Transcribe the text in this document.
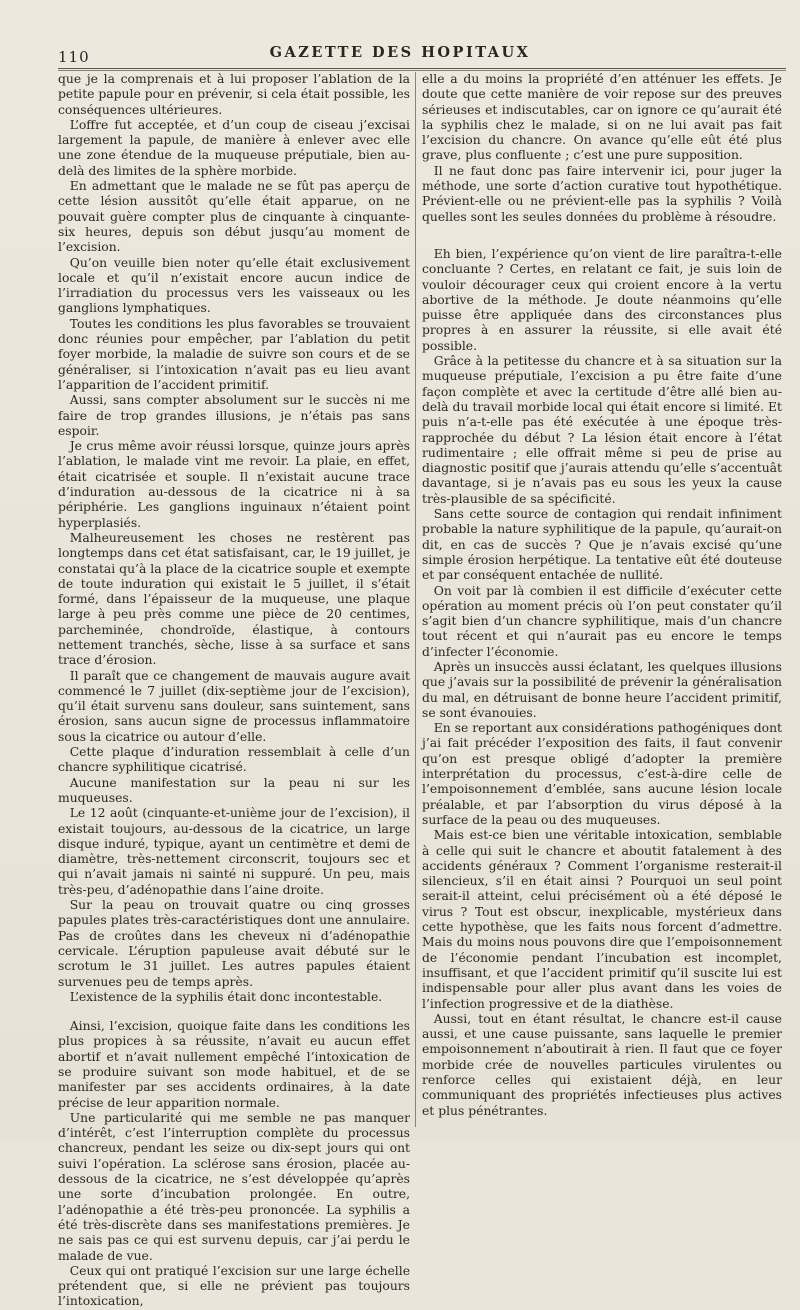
110	GAZETTE DES HOPITAUX

que je la comprenais et à lui proposer l’ablation de la petite papule pour en prévenir, si cela était possible, les conséquences ultérieures.

L’offre fut acceptée, et d’un coup de ciseau j’excisai largement la papule, de manière à enlever avec elle une zone étendue de la muqueuse préputiale, bien au-delà des limites de la sphère morbide.

En admettant que le malade ne se fût pas aperçu de cette lésion aussitôt qu’elle était apparue, on ne pouvait guère compter plus de cinquante à cinquante-six heures, depuis son début jusqu’au moment de l’excision.

Qu’on veuille bien noter qu’elle était exclusivement locale et qu’il n’existait encore aucun indice de l’irradiation du processus vers les vaisseaux ou les ganglions lymphatiques.

Toutes les conditions les plus favorables se trouvaient donc réunies pour empêcher, par l’ablation du petit foyer morbide, la maladie de suivre son cours et de se généraliser, si l’intoxication n’avait pas eu lieu avant l’apparition de l’accident primitif.

Aussi, sans compter absolument sur le succès ni me faire de trop grandes illusions, je n’étais pas sans espoir.

Je crus même avoir réussi lorsque, quinze jours après l’ablation, le malade vint me revoir. La plaie, en effet, était cicatrisée et souple. Il n’existait aucune trace d’induration au-dessous de la cicatrice ni à sa périphérie. Les ganglions inguinaux n’étaient point hyperplasiés.

Malheureusement les choses ne restèrent pas longtemps dans cet état satisfaisant, car, le 19 juillet, je constatai qu’à la place de la cicatrice souple et exempte de toute induration qui existait le 5 juillet, il s’était formé, dans l’épaisseur de la muqueuse, une plaque large à peu près comme une pièce de 20 centimes, parcheminée, chondroïde, élastique, à contours nettement tranchés, sèche, lisse à sa surface et sans trace d’érosion.

Il paraît que ce changement de mauvais augure avait commencé le 7 juillet (dix-septième jour de l’excision), qu’il était survenu sans douleur, sans suintement, sans érosion, sans aucun signe de processus inflammatoire sous la cicatrice ou autour d’elle.

Cette plaque d’induration ressemblait à celle d’un chancre syphilitique cicatrisé.

Aucune manifestation sur la peau ni sur les muqueuses.

Le 12 août (cinquante-et-unième jour de l’excision), il existait toujours, au-dessous de la cicatrice, un large disque induré, typique, ayant un centimètre et demi de diamètre, très-nettement circonscrit, toujours sec et qui n’avait jamais ni sainté ni suppuré. Un peu, mais très-peu, d’adénopathie dans l’aine droite.

Sur la peau on trouvait quatre ou cinq grosses papules plates très-caractéristiques dont une annulaire. Pas de croûtes dans les cheveux ni d’adénopathie cervicale. L’éruption papuleuse avait débuté sur le scrotum le 31 juillet. Les autres papules étaient survenues peu de temps après.

L’existence de la syphilis était donc incontestable.

Ainsi, l’excision, quoique faite dans les conditions les plus propices à sa réussite, n’avait eu aucun effet abortif et n’avait nullement empêché l’intoxication de se produire suivant son mode habituel, et de se manifester par ses accidents ordinaires, à la date précise de leur apparition normale.

Une particularité qui me semble ne pas manquer d’intérêt, c’est l’interruption complète du processus chancreux, pendant les seize ou dix-sept jours qui ont suivi l’opération. La sclérose sans érosion, placée au-dessous de la cicatrice, ne s’est développée qu’après une sorte d’incubation prolongée. En outre, l’adénopathie a été très-peu prononcée. La syphilis a été très-discrète dans ses manifestations premières. Je ne sais pas ce qui est survenu depuis, car j’ai perdu le malade de vue.

Ceux qui ont pratiqué l’excision sur une large échelle prétendent que, si elle ne prévient pas toujours l’intoxication,

elle a du moins la propriété d’en atténuer les effets. Je doute que cette manière de voir repose sur des preuves sérieuses et indiscutables, car on ignore ce qu’aurait été la syphilis chez le malade, si on ne lui avait pas fait l’excision du chancre. On avance qu’elle eût été plus grave, plus confluente ; c’est une pure supposition.

Il ne faut donc pas faire intervenir ici, pour juger la méthode, une sorte d’action curative tout hypothétique. Prévient-elle ou ne prévient-elle pas la syphilis ? Voilà quelles sont les seules données du problème à résoudre.

Eh bien, l’expérience qu’on vient de lire paraîtra-t-elle concluante ? Certes, en relatant ce fait, je suis loin de vouloir décourager ceux qui croient encore à la vertu abortive de la méthode. Je doute néanmoins qu’elle puisse être appliquée dans des circonstances plus propres à en assurer la réussite, si elle avait été possible.

Grâce à la petitesse du chancre et à sa situation sur la muqueuse préputiale, l’excision a pu être faite d’une façon complète et avec la certitude d’être allé bien au-delà du travail morbide local qui était encore si limité. Et puis n’a-t-elle pas été exécutée à une époque très-rapprochée du début ? La lésion était encore à l’état rudimentaire ; elle offrait même si peu de prise au diagnostic positif que j’aurais attendu qu’elle s’accentuât davantage, si je n’avais pas eu sous les yeux la cause très-plausible de sa spécificité.

Sans cette source de contagion qui rendait infiniment probable la nature syphilitique de la papule, qu’aurait-on dit, en cas de succès ? Que je n’avais excisé qu’une simple érosion herpétique. La tentative eût été douteuse et par conséquent entachée de nullité.

On voit par là combien il est difficile d’exécuter cette opération au moment précis où l’on peut constater qu’il s’agit bien d’un chancre syphilitique, mais d’un chancre tout récent et qui n’aurait pas eu encore le temps d’infecter l’économie.

Après un insuccès aussi éclatant, les quelques illusions que j’avais sur la possibilité de prévenir la généralisation du mal, en détruisant de bonne heure l’accident primitif, se sont évanouies.

En se reportant aux considérations pathogéniques dont j’ai fait précéder l’exposition des faits, il faut convenir qu’on est presque obligé d’adopter la première interprétation du processus, c’est-à-dire celle de l’empoisonnement d’emblée, sans aucune lésion locale préalable, et par l’absorption du virus déposé à la surface de la peau ou des muqueuses.

Mais est-ce bien une véritable intoxication, semblable à celle qui suit le chancre et aboutit fatalement à des accidents généraux ? Comment l’organisme resterait-il silencieux, s’il en était ainsi ? Pourquoi un seul point serait-il atteint, celui précisément où a été déposé le virus ? Tout est obscur, inexplicable, mystérieux dans cette hypothèse, que les faits nous forcent d’admettre. Mais du moins nous pouvons dire que l’empoisonnement de l’économie pendant l’incubation est incomplet, insuffisant, et que l’accident primitif qu’il suscite lui est indispensable pour aller plus avant dans les voies de l’infection progressive et de la diathèse.

Aussi, tout en étant résultat, le chancre est-il cause aussi, et une cause puissante, sans laquelle le premier empoisonnement n’aboutirait à rien. Il faut que ce foyer morbide crée de nouvelles particules virulentes ou renforce celles qui existaient déjà, en leur communiquant des propriétés infectieuses plus actives et plus pénétrantes.
